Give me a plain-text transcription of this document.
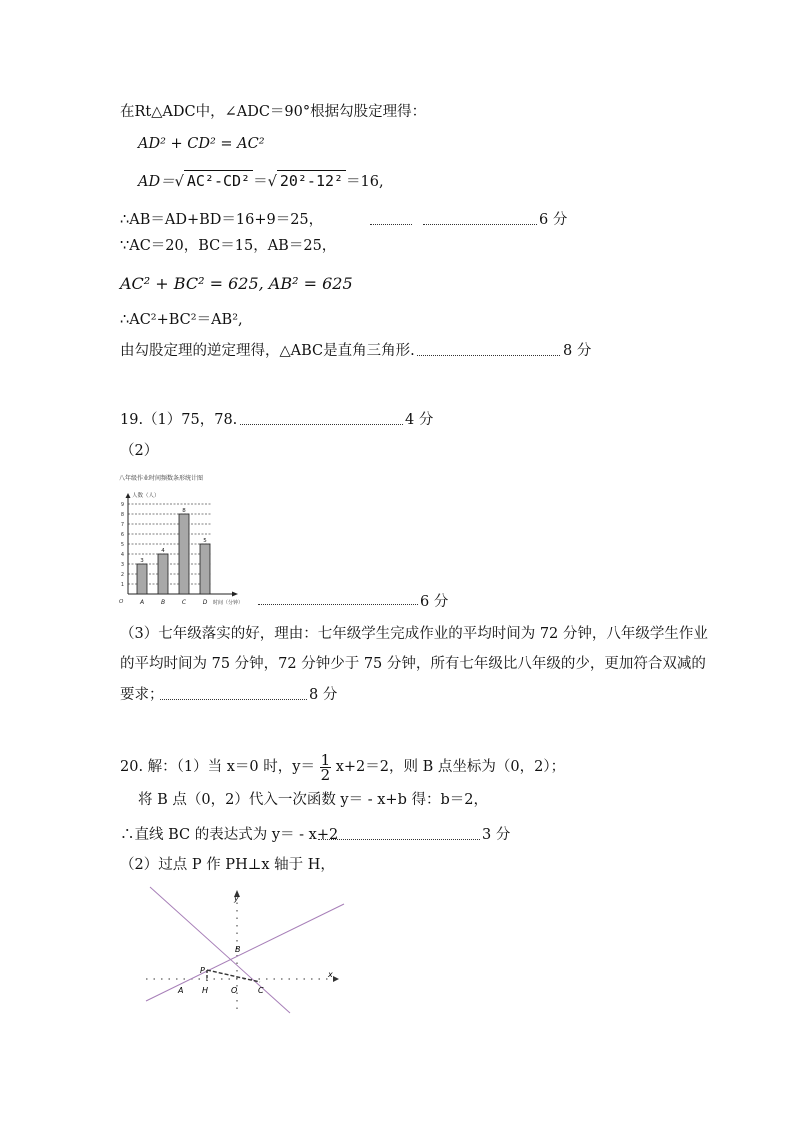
在Rt△ADC中，∠ADC＝90°根据勾股定理得：
AD² + CD² = AC²
AD＝√ AC²-CD² ＝√ 20²-12² ＝16,
∴AB＝AD+BD＝16+9＝25，	6 分
∵AC＝20，BC＝15，AB＝25，
AC² + BC² = 625, AB² = 625
∴AC²+BC²＝AB²,
由勾股定理的逆定理得，△ABC是直角三角形.	8 分
19.（1）75，78.	4 分
（2）
八年级作业时间频数条形统计图
1
2
3
4
5
6
7
8
9
人数（人）
时间（分钟）
O
3
A
4
B
8
C
5
D	6 分
（3）七年级落实的好，理由：七年级学生完成作业的平均时间为 72 分钟，八年级学生作业
的平均时间为 75 分钟，72 分钟少于 75 分钟，所有七年级比八年级的少，更加符合双减的
要求；	8 分
20. 解：（1）当 x＝0 时，$y= \frac{1}{2} x+2=2$，则 B 点坐标为（0，2）；
将 B 点（0，2）代入一次函数 y＝ - x+b 得：b＝2，
∴直线 BC 的表达式为 y＝ - x+2	3 分
（2）过点 P 作 PH⊥x 轴于 H，
y
x
B
P
A H	O	C
